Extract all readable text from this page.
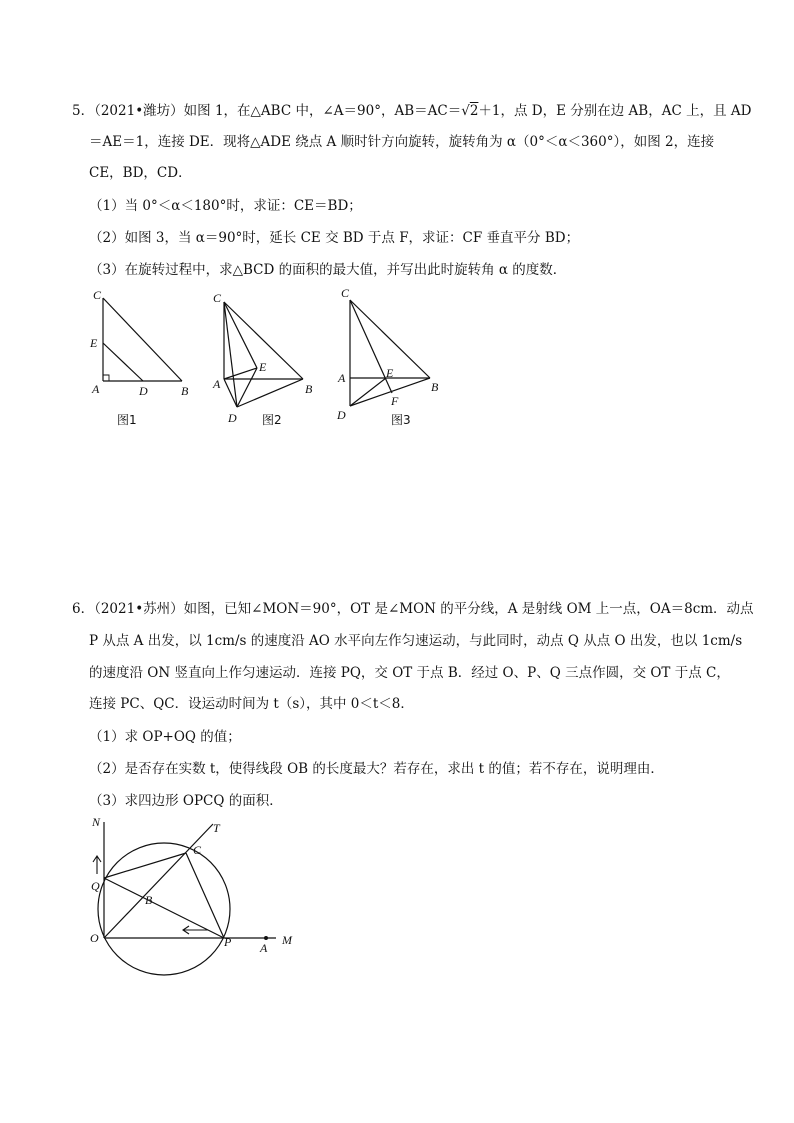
5．（2021•潍坊）如图 1，在△ABC 中，∠A＝90°，AB＝AC＝√2＋1，点 D，E 分别在边 AB，AC 上，且 AD
＝AE＝1，连接 DE．现将△ADE 绕点 A 顺时针方向旋转，旋转角为 α（0°＜α＜360°），如图 2，连接
CE，BD，CD．
（1）当 0°＜α＜180°时，求证：CE＝BD；
（2）如图 3，当 α＝90°时，延长 CE 交 BD 于点 F，求证：CF 垂直平分 BD；
（3）在旋转过程中，求△BCD 的面积的最大值，并写出此时旋转角 α 的度数．
C
E
A	D	B
图1
C
E
A
D
B
图2
C
A	E
B
F
D	图3
6．（2021•苏州）如图，已知∠MON＝90°，OT 是∠MON 的平分线，A 是射线 OM 上一点，OA＝8cm．动点
P 从点 A 出发，以 1cm/s 的速度沿 AO 水平向左作匀速运动，与此同时，动点 Q 从点 O 出发，也以 1cm/s
的速度沿 ON 竖直向上作匀速运动．连接 PQ，交 OT 于点 B．经过 O、P、Q 三点作圆，交 OT 于点 C，
连接 PC、QC．设运动时间为 t（s），其中 0＜t＜8．
（1）求 OP+OQ 的值；
（2）是否存在实数 t，使得线段 OB 的长度最大？若存在，求出 t 的值；若不存在，说明理由．
（3）求四边形 OPCQ 的面积．
N	T
C
Q
B
O	P A
M
